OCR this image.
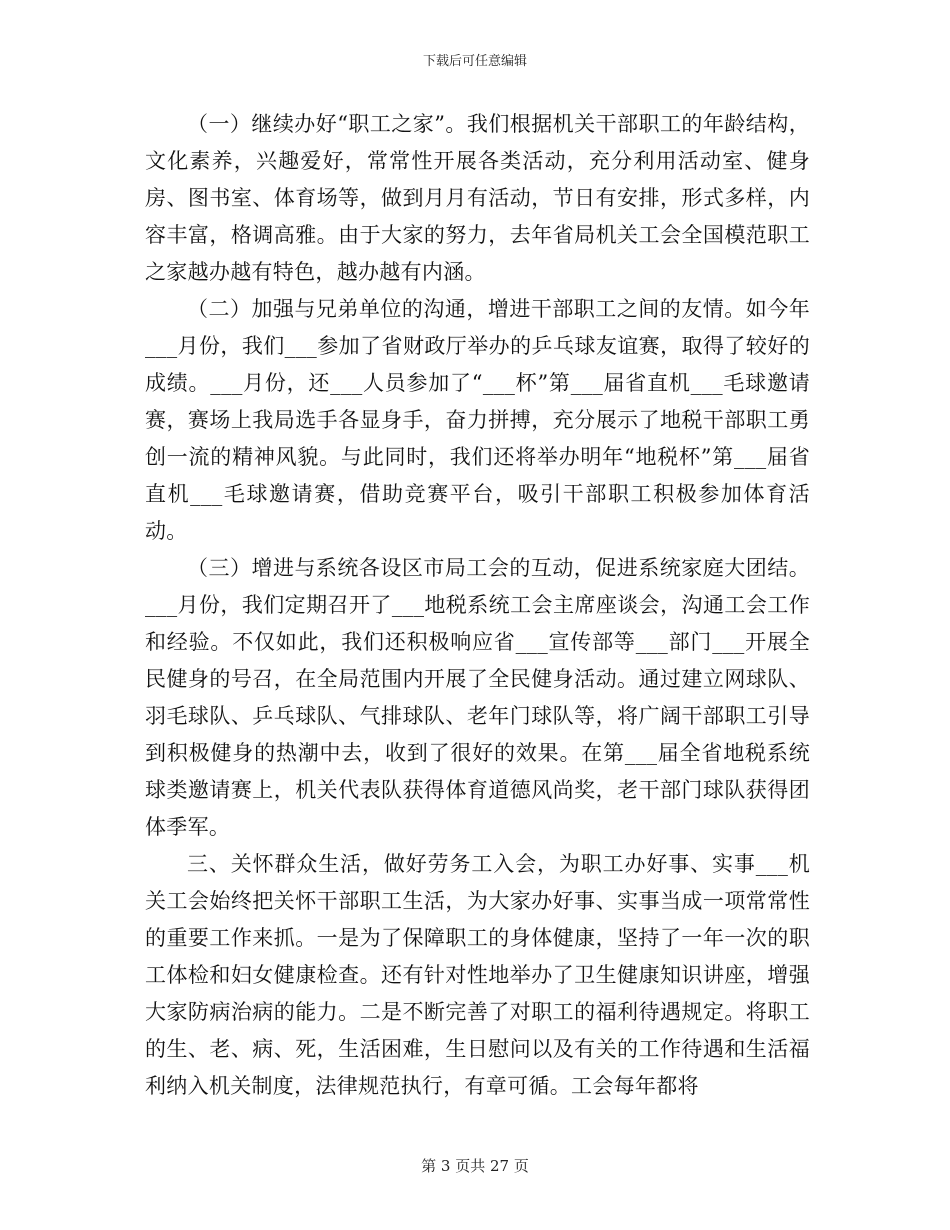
下载后可任意编辑

（一）继续办好“职工之家”。我们根据机关干部职工的年龄结构，文化素养，兴趣爱好，常常性开展各类活动，充分利用活动室、健身房、图书室、体育场等，做到月月有活动，节日有安排，形式多样，内容丰富，格调高雅。由于大家的努力，去年省局机关工会全国模范职工之家越办越有特色，越办越有内涵。

（二）加强与兄弟单位的沟通，增进干部职工之间的友情。如今年___月份，我们___参加了省财政厅举办的乒乓球友谊赛，取得了较好的成绩。___月份，还___人员参加了“___杯”第___届省直机___毛球邀请赛，赛场上我局选手各显身手，奋力拼搏，充分展示了地税干部职工勇创一流的精神风貌。与此同时，我们还将举办明年“地税杯”第___届省直机___毛球邀请赛，借助竞赛平台，吸引干部职工积极参加体育活动。

（三）增进与系统各设区市局工会的互动，促进系统家庭大团结。___月份，我们定期召开了___地税系统工会主席座谈会，沟通工会工作和经验。不仅如此，我们还积极响应省___宣传部等___部门___开展全民健身的号召，在全局范围内开展了全民健身活动。通过建立网球队、羽毛球队、乒乓球队、气排球队、老年门球队等，将广阔干部职工引导到积极健身的热潮中去，收到了很好的效果。在第___届全省地税系统球类邀请赛上，机关代表队获得体育道德风尚奖，老干部门球队获得团体季军。

三、关怀群众生活，做好劳务工入会，为职工办好事、实事___机关工会始终把关怀干部职工生活，为大家办好事、实事当成一项常常性的重要工作来抓。一是为了保障职工的身体健康，坚持了一年一次的职工体检和妇女健康检查。还有针对性地举办了卫生健康知识讲座，增强大家防病治病的能力。二是不断完善了对职工的福利待遇规定。将职工的生、老、病、死，生活困难，生日慰问以及有关的工作待遇和生活福利纳入机关制度，法律规范执行，有章可循。工会每年都将

第 3 页共 27 页
